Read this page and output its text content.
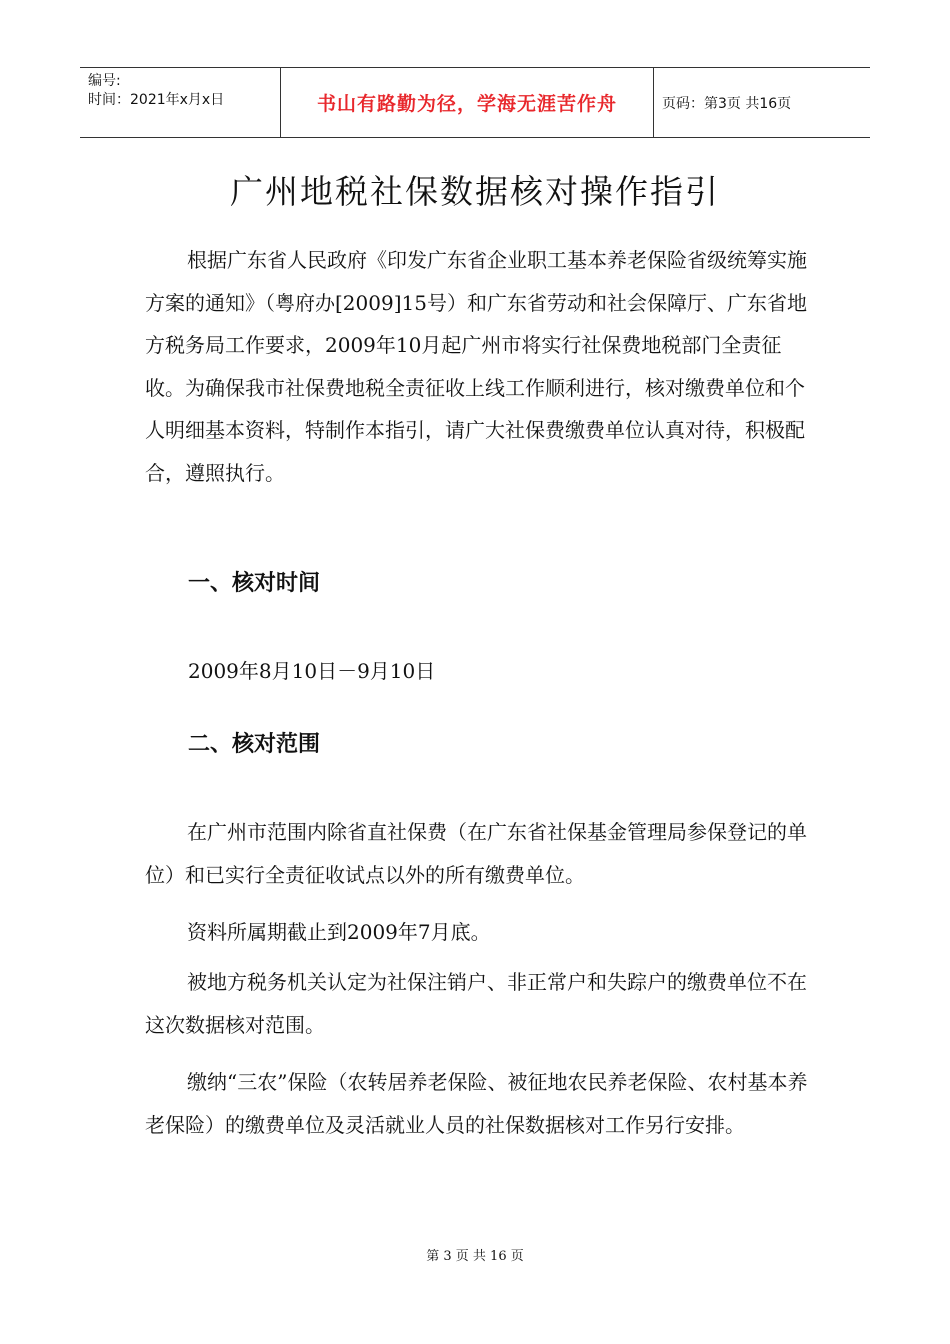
编号:
时间：2021年x月x日	书山有路勤为径，学海无涯苦作舟	页码：第3页 共16页
广州地税社保数据核对操作指引
根据广东省人民政府《印发广东省企业职工基本养老保险省级统筹实施方案的通知》（粤府办[2009]15号）和广东省劳动和社会保障厅、广东省地方税务局工作要求，2009年10月起广州市将实行社保费地税部门全责征收。为确保我市社保费地税全责征收上线工作顺利进行，核对缴费单位和个人明细基本资料，特制作本指引，请广大社保费缴费单位认真对待，积极配合，遵照执行。
一、核对时间
2009年8月10日－9月10日
二、核对范围
在广州市范围内除省直社保费（在广东省社保基金管理局参保登记的单位）和已实行全责征收试点以外的所有缴费单位。
资料所属期截止到2009年7月底。
被地方税务机关认定为社保注销户、非正常户和失踪户的缴费单位不在这次数据核对范围。
缴纳“三农”保险（农转居养老保险、被征地农民养老保险、农村基本养老保险）的缴费单位及灵活就业人员的社保数据核对工作另行安排。
第 3 页 共 16 页
